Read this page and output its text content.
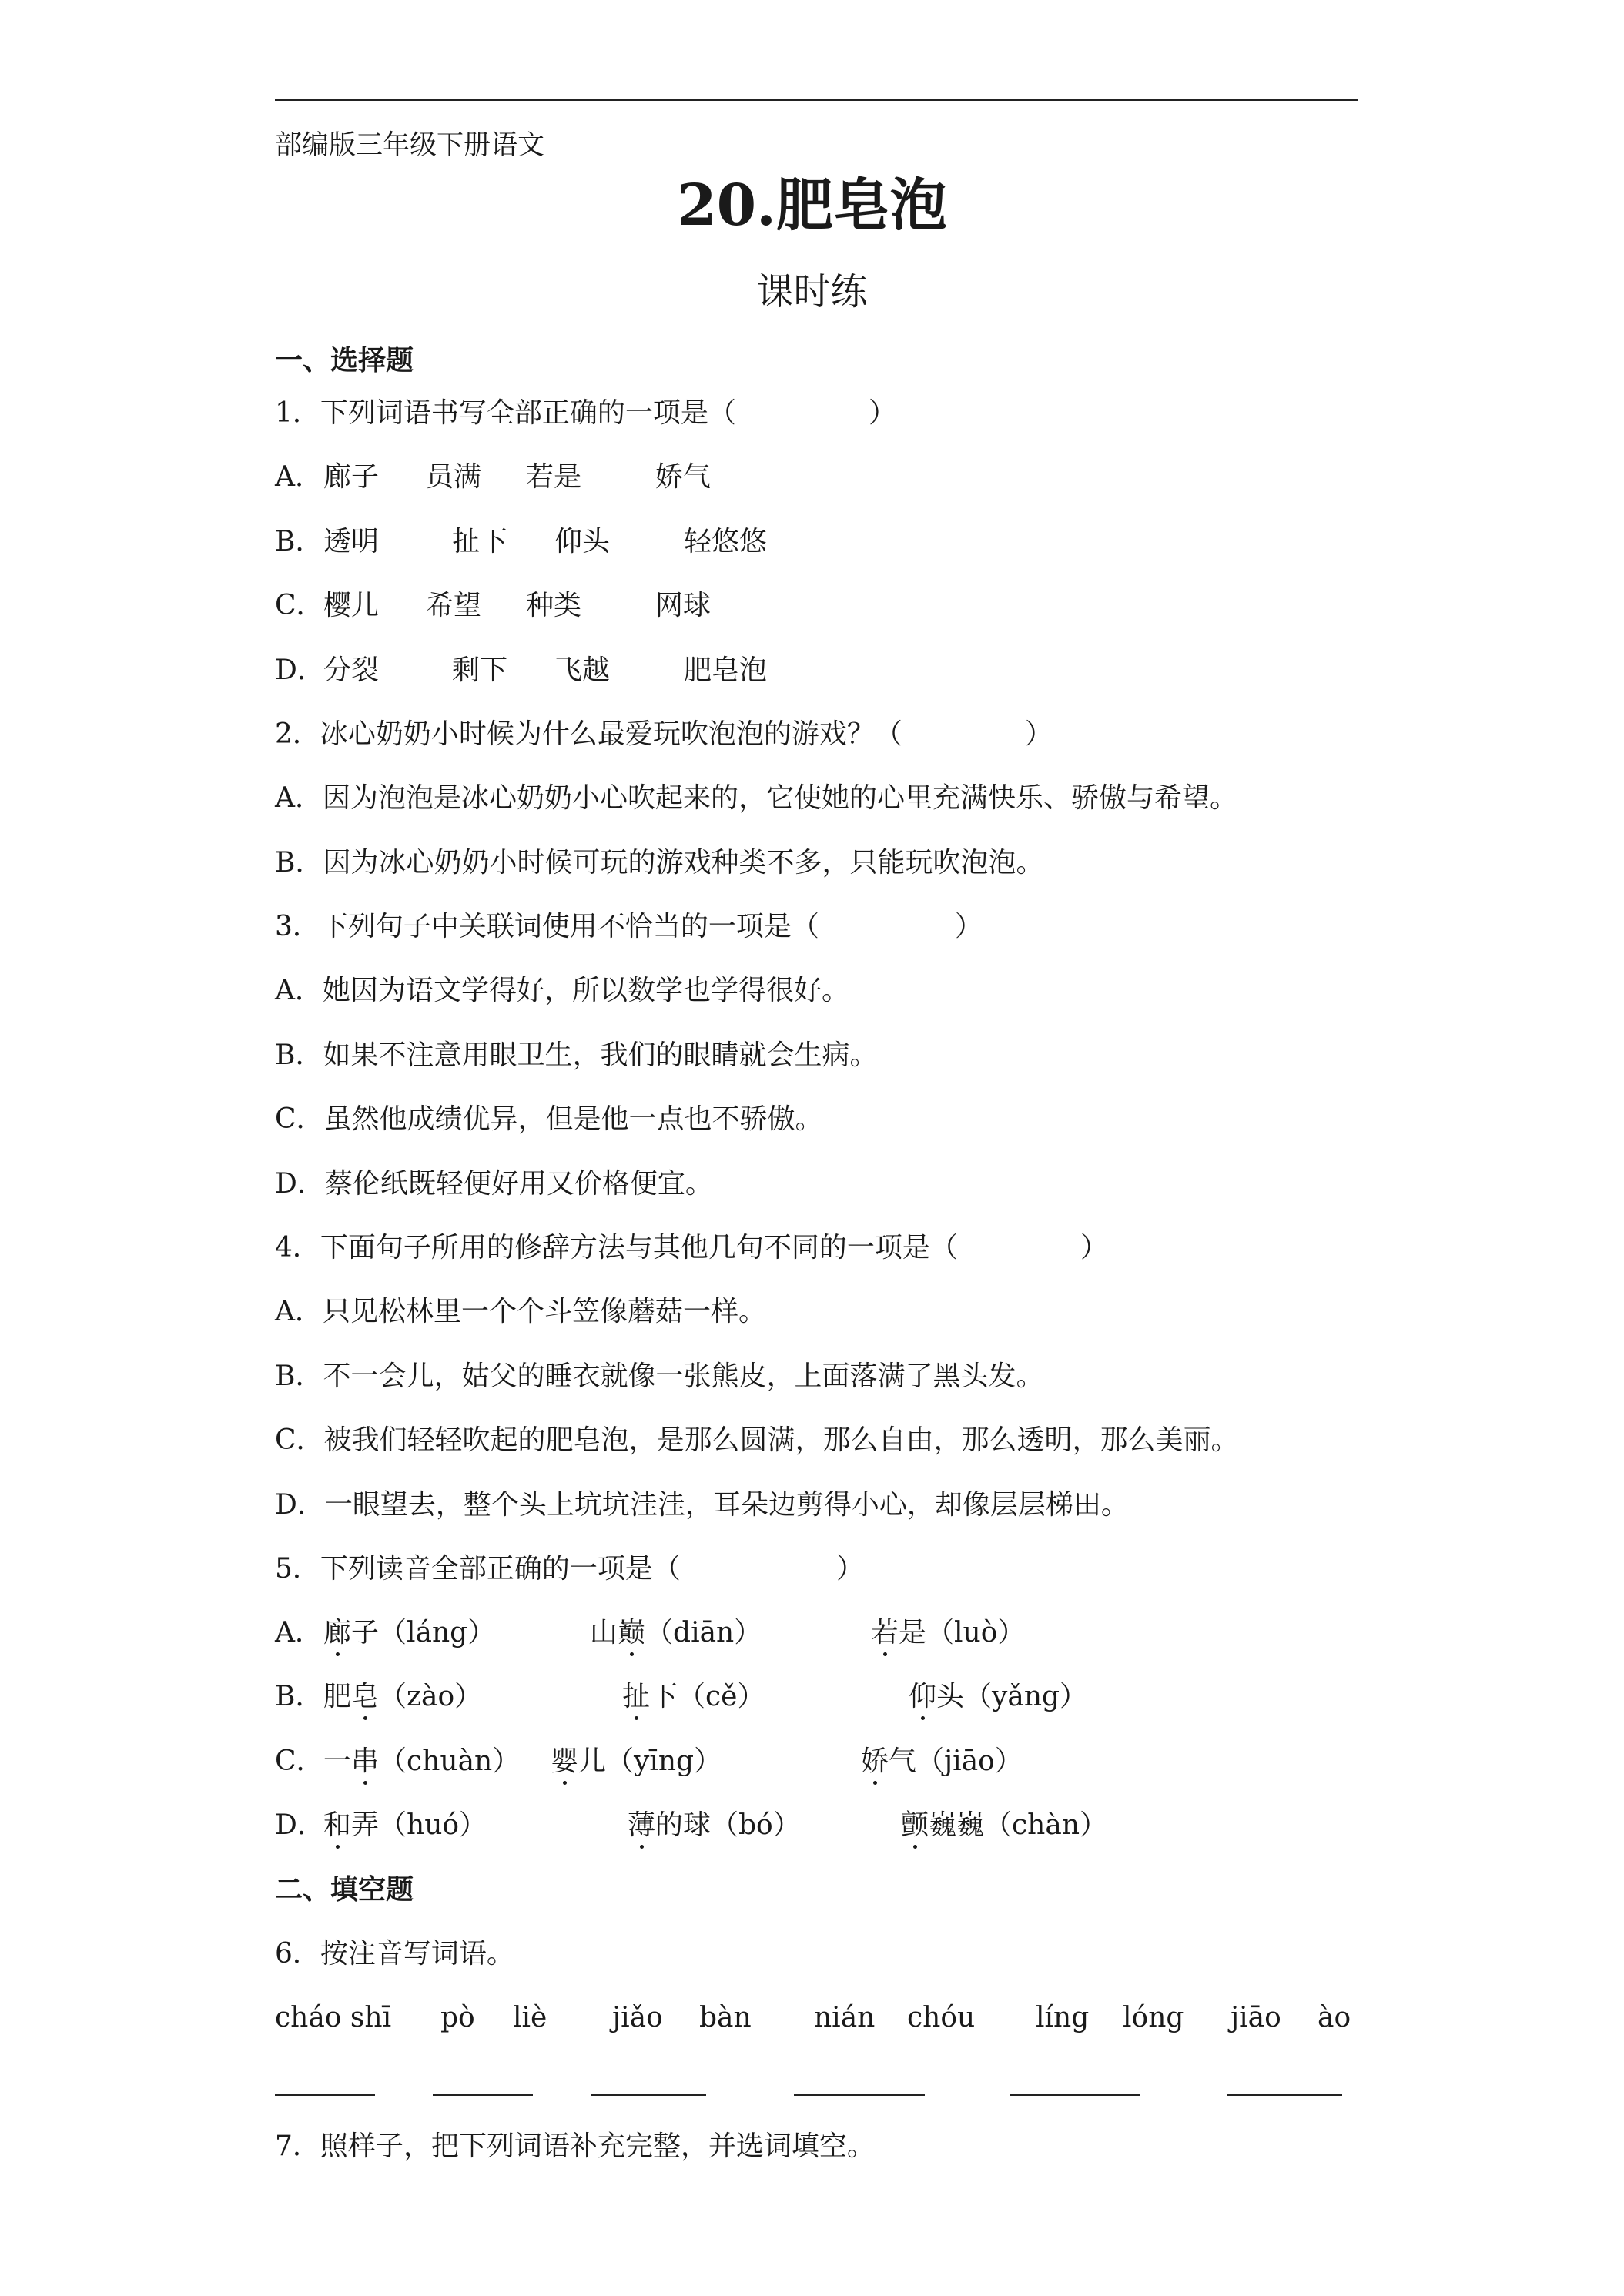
部编版三年级下册语文
20.肥皂泡
课时练
一、选择题
1．下列词语书写全部正确的一项是（	）
A． 廊子 员满 若是	娇气
B． 透明	扯下 仰头	轻悠悠
C． 樱儿 希望 种类	网球
D．
分裂	剩下 飞越	肥皂泡
2．冰心奶奶小时候为什么最爱玩吹泡泡的游戏？（	）
A．因为泡泡是冰心奶奶小心吹起来的，它使她的心里充满快乐、骄傲与希望。
B．因为冰心奶奶小时候可玩的游戏种类不多，只能玩吹泡泡。
3．下列句子中关联词使用不恰当的一项是（	）
A．她因为语文学得好，所以数学也学得很好。
B．如果不注意用眼卫生，我们的眼睛就会生病。
C．虽然他成绩优异，但是他一点也不骄傲。
D．蔡伦纸既轻便好用又价格便宜。
4．下面句子所用的修辞方法与其他几句不同的一项是（	）
A．只见松林里一个个斗笠像蘑菇一样。
B．不一会儿，姑父的睡衣就像一张熊皮，上面落满了黑头发。
C．被我们轻轻吹起的肥皂泡，是那么圆满，那么自由，那么透明，那么美丽。
D．一眼望去，整个头上坑坑洼洼，耳朵边剪得小心，却像层层梯田。
5．下列读音全部正确的一项是（	）
A． 廊子（láng）	山巅（diān）	若是（luò）
B． 肥皂（zào）	扯下（cě）	仰头（yǎng）
C． 一串（chuàn） 婴儿（yīng）	娇气（jiāo）
D．
和弄（huó）	薄的球（bó）	颤巍巍（chàn）
二、填空题
6．按注音写词语。
cháo shī pò liè jiǎo bàn nián chóu líng lóng jiāo ào
7．照样子，把下列词语补充完整，并选词填空。
